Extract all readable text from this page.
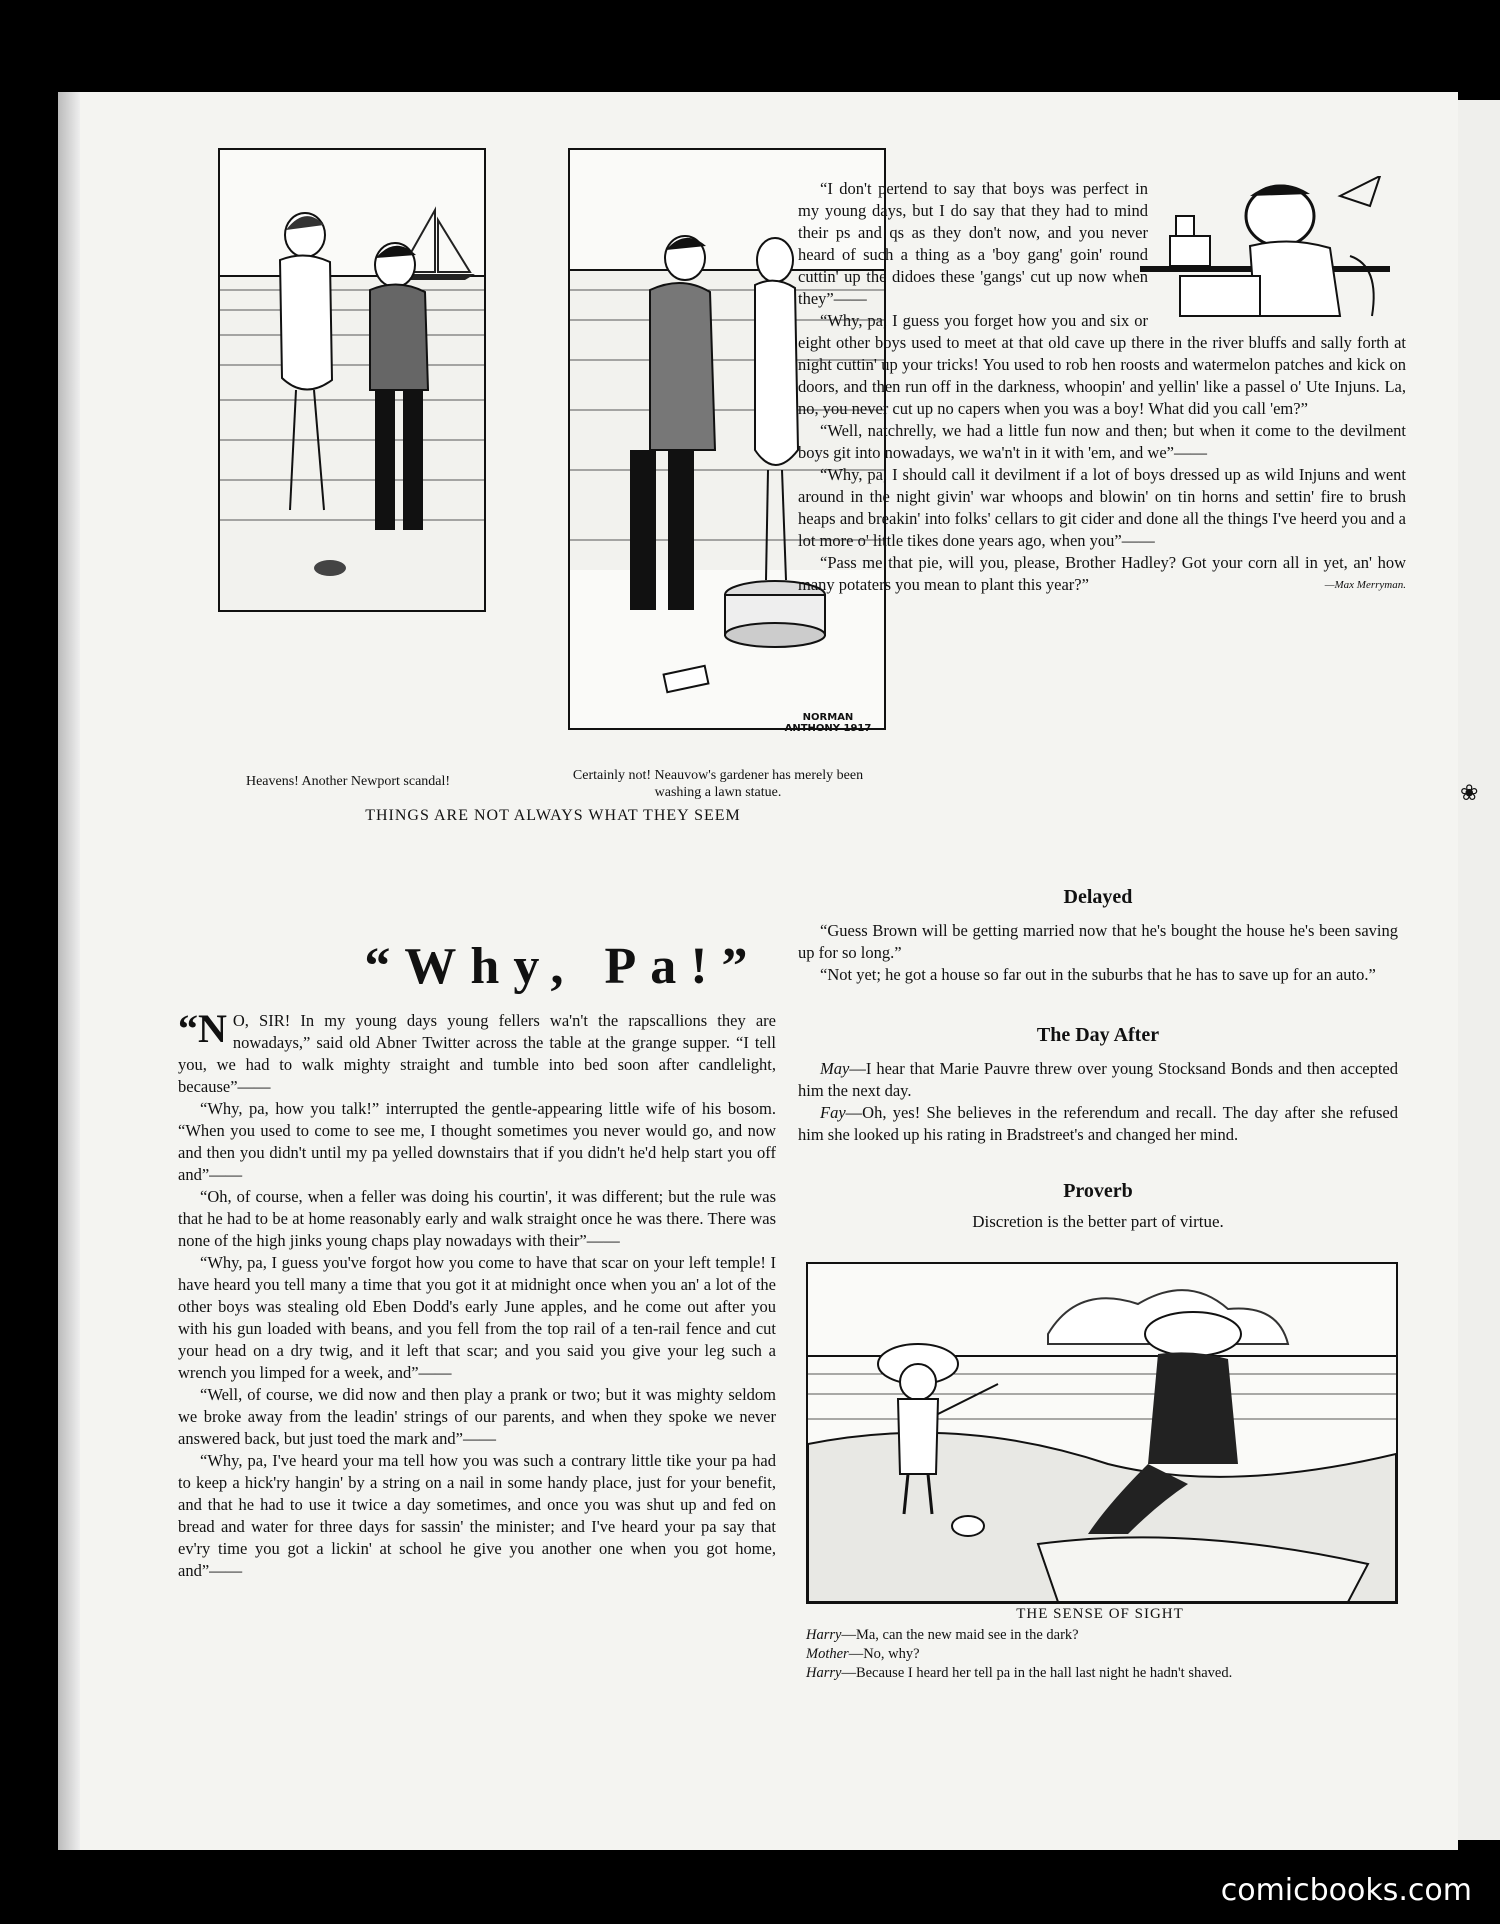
❀
Heavens! Another Newport scandal!
NORMAN ANTHONY 1917
Certainly not! Neauvow's gardener has merely been washing a lawn statue.
THINGS ARE NOT ALWAYS WHAT THEY SEEM

“I don't pertend to say that boys was perfect in my young days, but I do say that they had to mind their ps and qs as they don't now, and you never heard of such a thing as a 'boy gang' goin' round cuttin' up the didoes these 'gangs' cut up now when they”——

“Why, pa, I guess you forget how you and six or eight other boys used to meet at that old cave up there in the river bluffs and sally forth at night cuttin' up your tricks! You used to rob hen roosts and watermelon patches and kick on doors, and then run off in the darkness, whoopin' and yellin' like a passel o' Ute Injuns. La, no, you never cut up no capers when you was a boy! What did you call 'em?”

“Well, natchrelly, we had a little fun now and then; but when it come to the devilment boys git into nowadays, we wa'n't in it with 'em, and we”——

“Why, pa, I should call it devilment if a lot of boys dressed up as wild Injuns and went around in the night givin' war whoops and blowin' on tin horns and settin' fire to brush heaps and breakin' into folks' cellars to git cider and done all the things I've heerd you and a lot more o' little tikes done years ago, when you”——

“Pass me that pie, will you, please, Brother Hadley? Got your corn all in yet, an' how many potaters you mean to plant this year?”	—Max Merryman.

“Why, Pa!”

“N O, SIR! In my young days young fellers wa'n't the rapscallions they are nowadays,” said old Abner Twitter across the table at the grange supper. “I tell you, we had to walk mighty straight and tumble into bed soon after candlelight, because”——

“Why, pa, how you talk!” interrupted the gentle-appearing little wife of his bosom. “When you used to come to see me, I thought sometimes you never would go, and now and then you didn't until my pa yelled downstairs that if you didn't he'd help start you off and”——

“Oh, of course, when a feller was doing his courtin', it was different; but the rule was that he had to be at home reasonably early and walk straight once he was there. There was none of the high jinks young chaps play nowadays with their”——

“Why, pa, I guess you've forgot how you come to have that scar on your left temple! I have heard you tell many a time that you got it at midnight once when you an' a lot of the other boys was stealing old Eben Dodd's early June apples, and he come out after you with his gun loaded with beans, and you fell from the top rail of a ten-rail fence and cut your head on a dry twig, and it left that scar; and you said you give your leg such a wrench you limped for a week, and”——

“Well, of course, we did now and then play a prank or two; but it was mighty seldom we broke away from the leadin' strings of our parents, and when they spoke we never answered back, but just toed the mark and”——

“Why, pa, I've heard your ma tell how you was such a contrary little tike your pa had to keep a hick'ry hangin' by a string on a nail in some handy place, just for your benefit, and that he had to use it twice a day sometimes, and once you was shut up and fed on bread and water for three days for sassin' the minister; and I've heard your pa say that ev'ry time you got a lickin' at school he give you another one when you got home, and”——

Delayed

“Guess Brown will be getting married now that he's bought the house he's been saving up for so long.”

“Not yet; he got a house so far out in the suburbs that he has to save up for an auto.”

The Day After

May—I hear that Marie Pauvre threw over young Stocksand Bonds and then accepted him the next day.

Fay—Oh, yes! She believes in the referendum and recall. The day after she refused him she looked up his rating in Bradstreet's and changed her mind.

Proverb
Discretion is the better part of virtue.
THE SENSE OF SIGHT
Harry—Ma, can the new maid see in the dark?
Mother—No, why?
Harry—Because I heard her tell pa in the hall last night he hadn't shaved.
comicbooks.com
